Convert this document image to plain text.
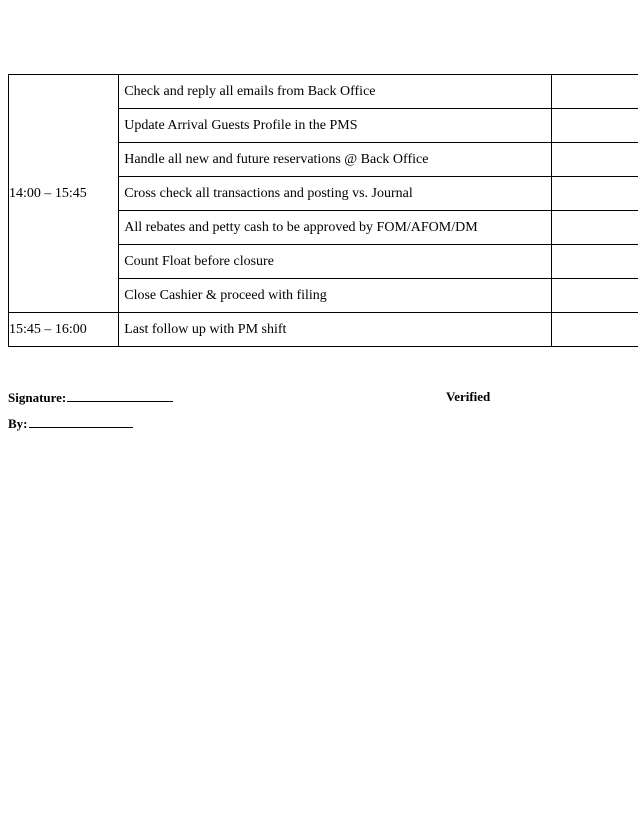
14:00 – 15:45	Check and reply all emails from Back Office	
	Update Arrival Guests Profile in the PMS	
	Handle all new and future reservations @ Back Office	
	Cross check all transactions and posting vs. Journal	
	All rebates and petty cash to be approved by FOM/AFOM/DM	
	Count Float before closure	
	Close Cashier & proceed with filing	
15:45 – 16:00	Last follow up with PM shift	
Signature:	Verified
By:
